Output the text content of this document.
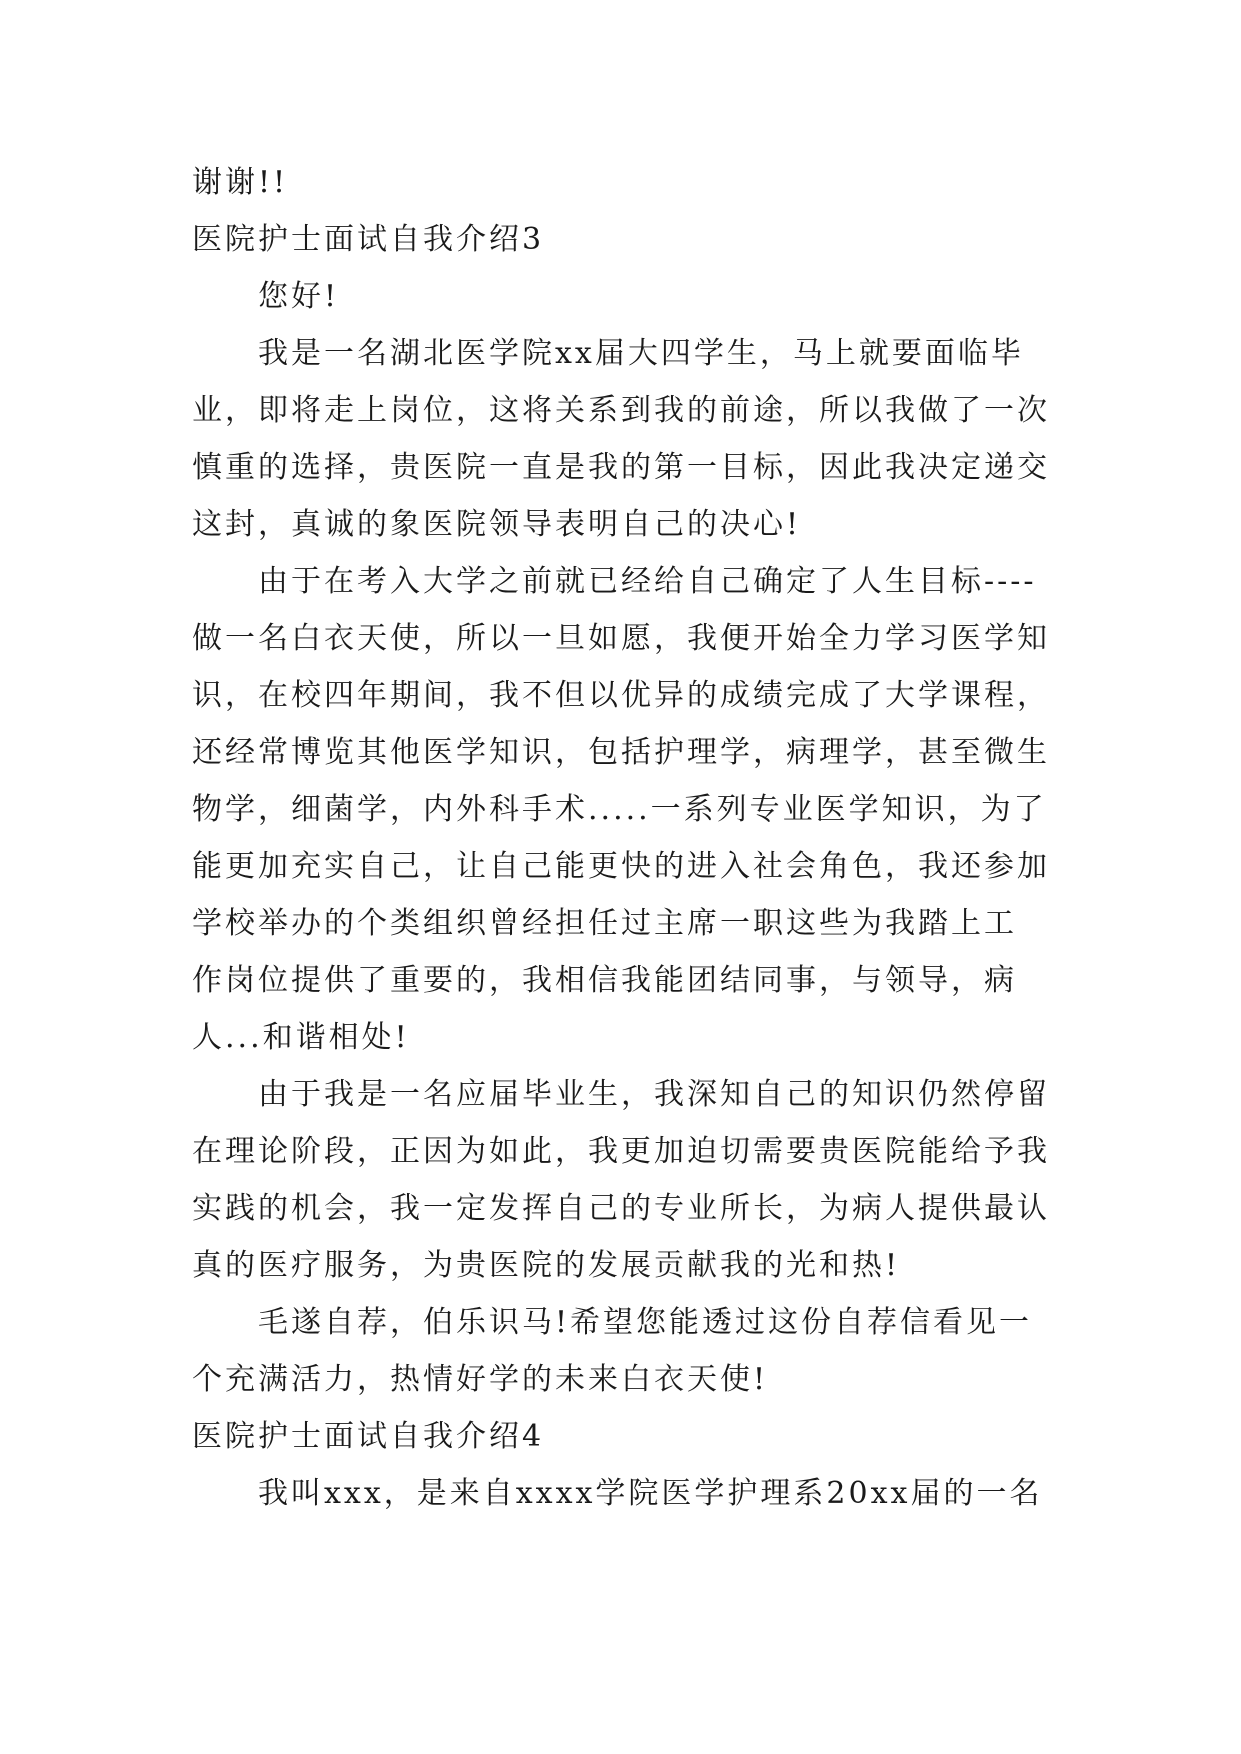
谢谢!!
医院护士面试自我介绍3
您好!
我是一名湖北医学院xx届大四学生，马上就要面临毕
业，即将走上岗位，这将关系到我的前途，所以我做了一次
慎重的选择，贵医院一直是我的第一目标，因此我决定递交
这封，真诚的象医院领导表明自己的决心!
由于在考入大学之前就已经给自己确定了人生目标----
做一名白衣天使，所以一旦如愿，我便开始全力学习医学知
识，在校四年期间，我不但以优异的成绩完成了大学课程，
还经常博览其他医学知识，包括护理学，病理学，甚至微生
物学，细菌学，内外科手术.....一系列专业医学知识，为了
能更加充实自己，让自己能更快的进入社会角色，我还参加
学校举办的个类组织曾经担任过主席一职这些为我踏上工
作岗位提供了重要的，我相信我能团结同事，与领导，病
人...和谐相处!
由于我是一名应届毕业生，我深知自己的知识仍然停留
在理论阶段，正因为如此，我更加迫切需要贵医院能给予我
实践的机会，我一定发挥自己的专业所长，为病人提供最认
真的医疗服务，为贵医院的发展贡献我的光和热!
毛遂自荐，伯乐识马!希望您能透过这份自荐信看见一
个充满活力，热情好学的未来白衣天使!
医院护士面试自我介绍4
我叫xxx，是来自xxxx学院医学护理系20xx届的一名
